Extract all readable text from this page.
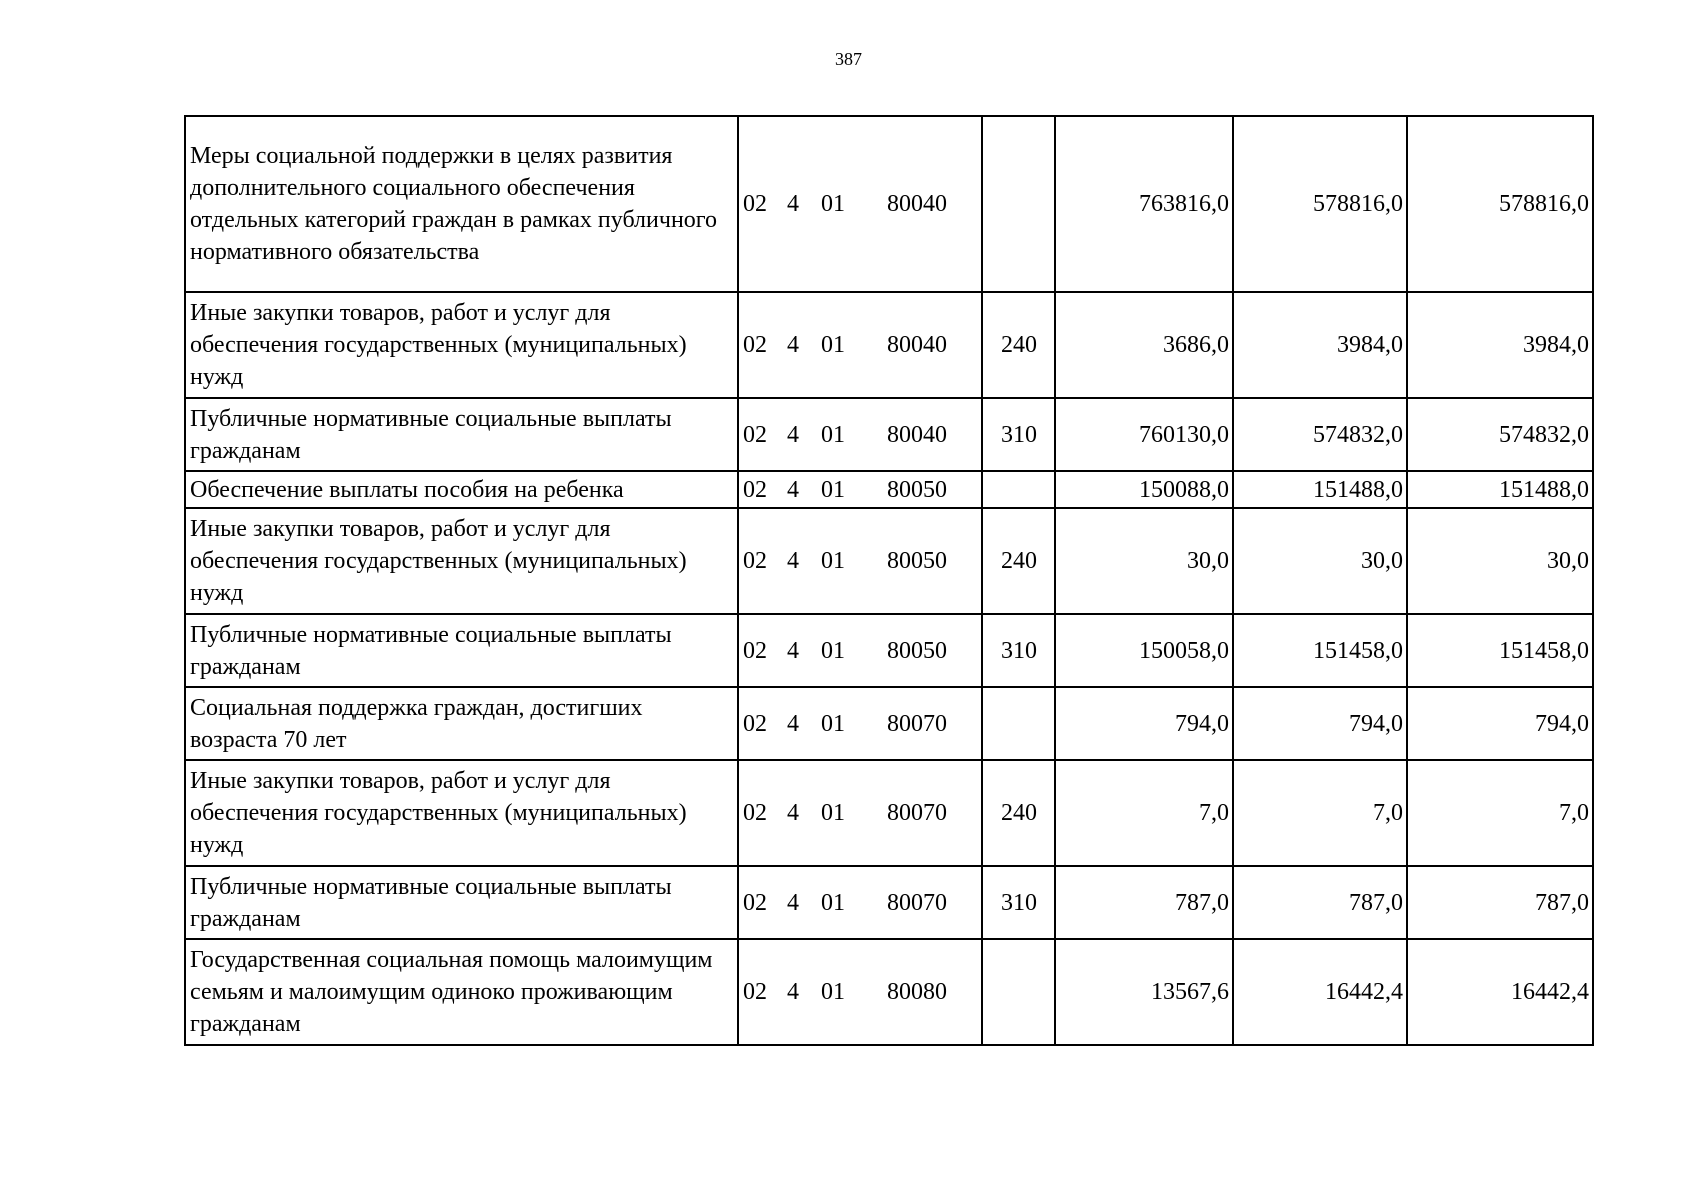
387
Меры социальной поддержки в целях развития дополнительного социального обеспечения отдельных категорий граждан в рамках публичного нормативного обязательства	02 4 01 80040		763816,0	578816,0	578816,0
Иные закупки товаров, работ и услуг для обеспечения государственных (муниципальных) нужд	02 4 01 80040	240	3686,0	3984,0	3984,0
Публичные нормативные социальные выплаты гражданам	02 4 01 80040	310	760130,0	574832,0	574832,0
Обеспечение выплаты пособия на ребенка	02 4 01 80050		150088,0	151488,0	151488,0
Иные закупки товаров, работ и услуг для обеспечения государственных (муниципальных) нужд	02 4 01 80050	240	30,0	30,0	30,0
Публичные нормативные социальные выплаты гражданам	02 4 01 80050	310	150058,0	151458,0	151458,0
Социальная поддержка граждан, достигших возраста 70 лет	02 4 01 80070		794,0	794,0	794,0
Иные закупки товаров, работ и услуг для обеспечения государственных (муниципальных) нужд	02 4 01 80070	240	7,0	7,0	7,0
Публичные нормативные социальные выплаты гражданам	02 4 01 80070	310	787,0	787,0	787,0
Государственная социальная помощь малоимущим семьям и малоимущим одиноко проживающим гражданам	02 4 01 80080		13567,6	16442,4	16442,4
